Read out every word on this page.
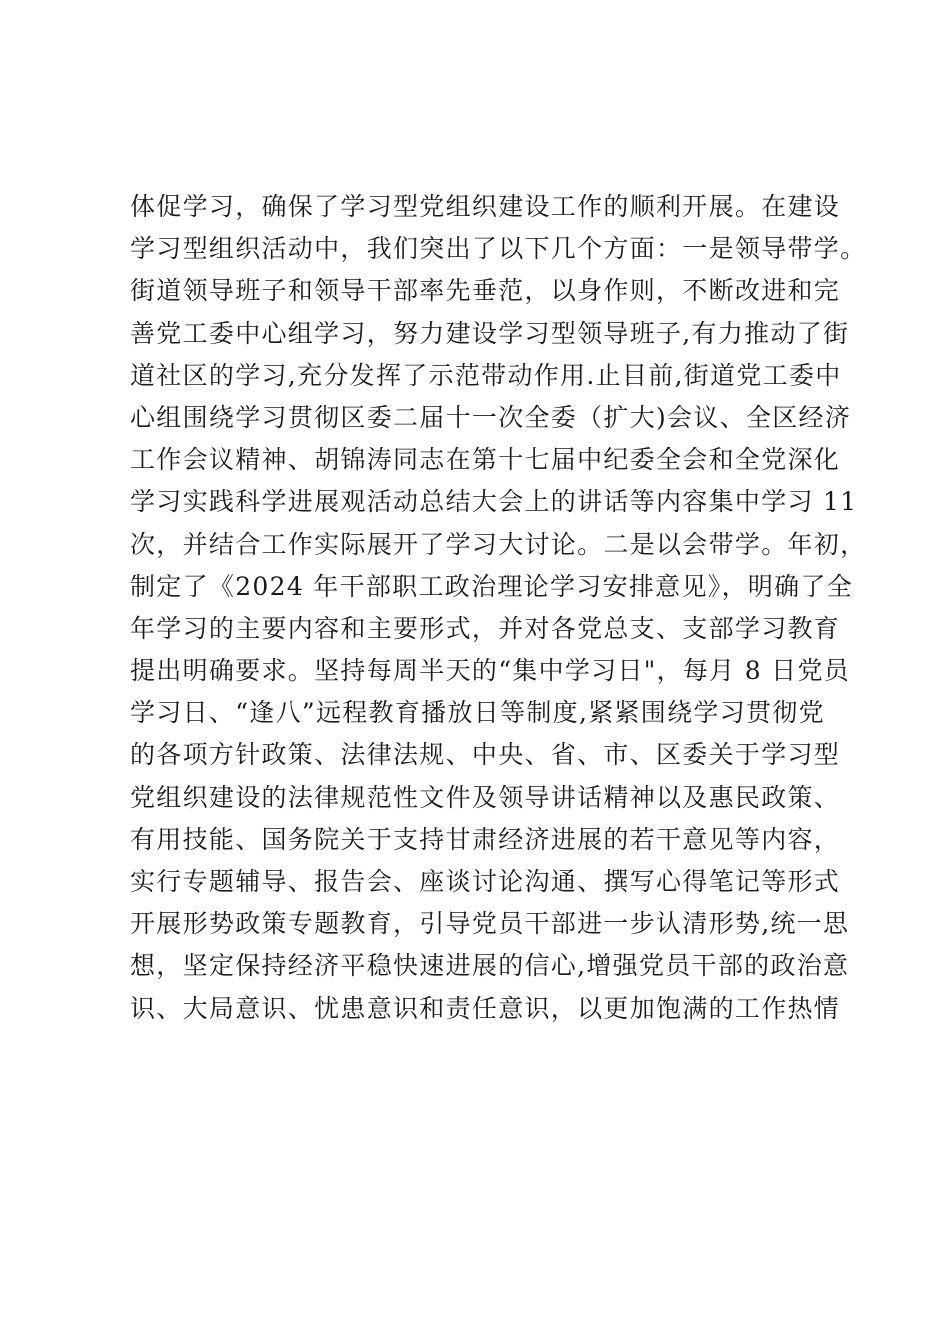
体促学习，确保了学习型党组织建设工作的顺利开展。在建设
学习型组织活动中，我们突出了以下几个方面：一是领导带学。
街道领导班子和领导干部率先垂范，以身作则，不断改进和完
善党工委中心组学习，努力建设学习型领导班子,有力推动了街
道社区的学习,充分发挥了示范带动作用.止目前,街道党工委中
心组围绕学习贯彻区委二届十一次全委（扩大)会议、全区经济
工作会议精神、胡锦涛同志在第十七届中纪委全会和全党深化
学习实践科学进展观活动总结大会上的讲话等内容集中学习 11
次，并结合工作实际展开了学习大讨论。二是以会带学。年初，
制定了《2024 年干部职工政治理论学习安排意见》，明确了全
年学习的主要内容和主要形式，并对各党总支、支部学习教育
提出明确要求。坚持每周半天的“集中学习日"，每月 8 日党员
学习日、“逢八”远程教育播放日等制度,紧紧围绕学习贯彻党
的各项方针政策、法律法规、中央、省、市、区委关于学习型
党组织建设的法律规范性文件及领导讲话精神以及惠民政策、
有用技能、国务院关于支持甘肃经济进展的若干意见等内容，
实行专题辅导、报告会、座谈讨论沟通、撰写心得笔记等形式
开展形势政策专题教育，引导党员干部进一步认清形势,统一思
想，坚定保持经济平稳快速进展的信心,增强党员干部的政治意
识、大局意识、忧患意识和责任意识，以更加饱满的工作热情
